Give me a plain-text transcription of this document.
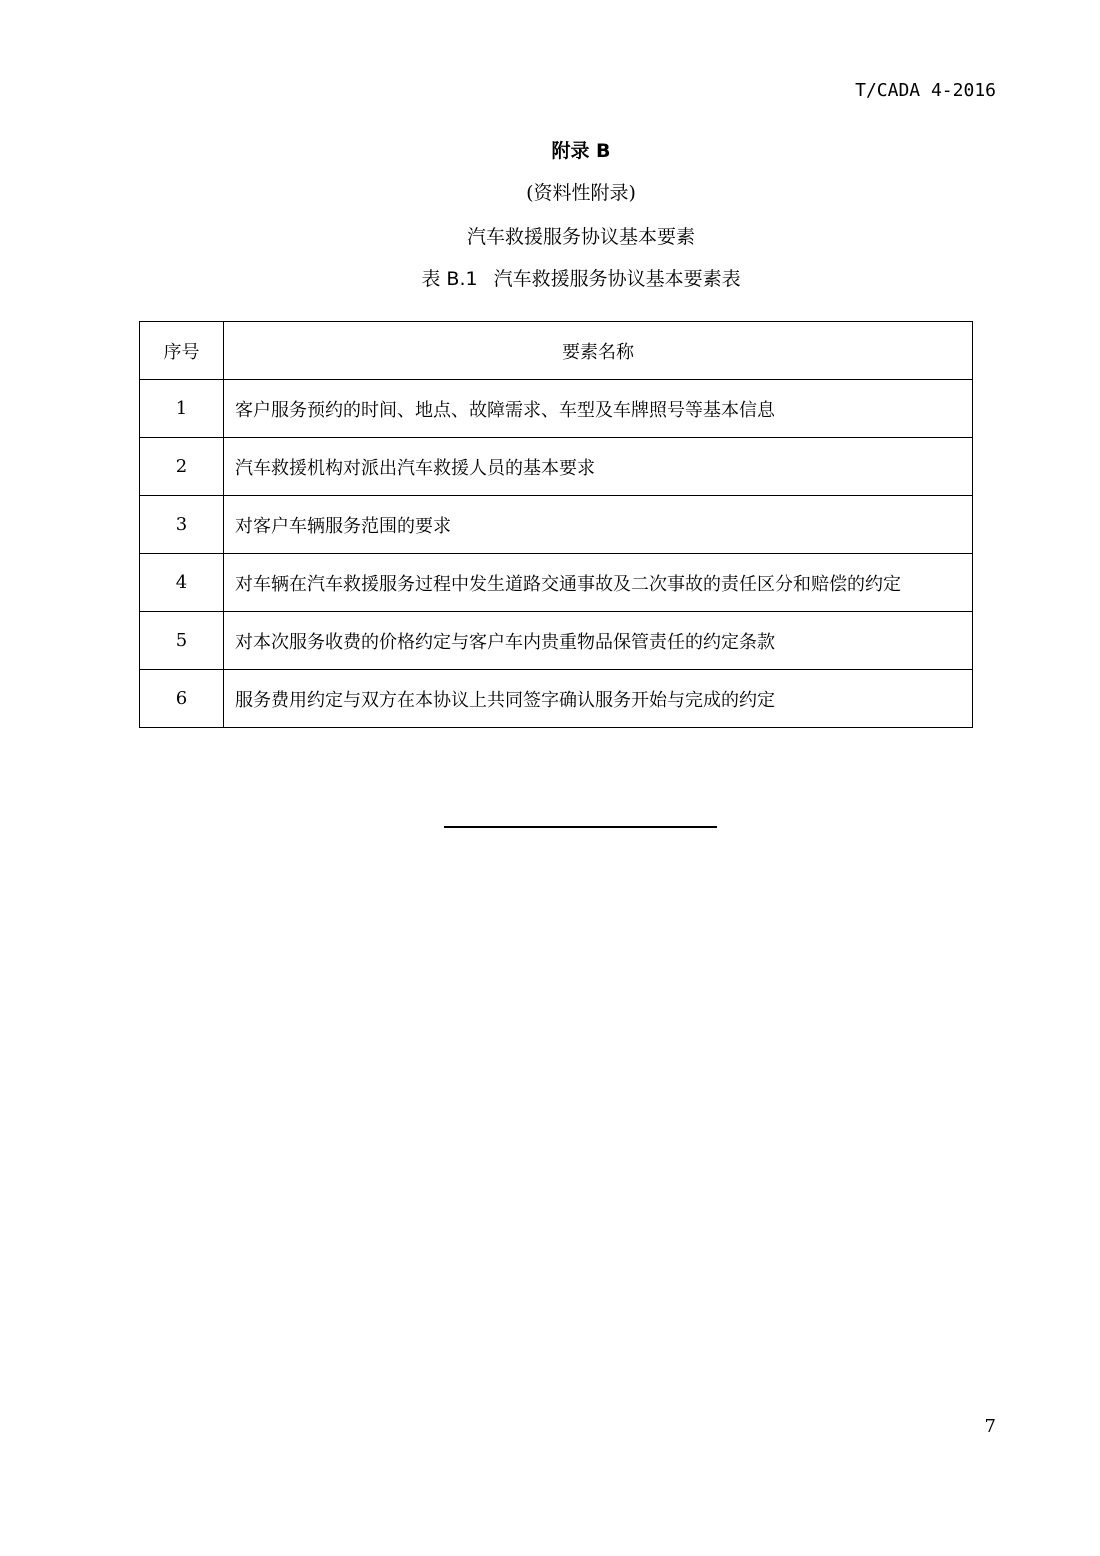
T/CADA 4-2016
附录 B
(资料性附录)
汽车救援服务协议基本要素
表 B.1 汽车救援服务协议基本要素表
序号	要素名称
1	客户服务预约的时间、地点、故障需求、车型及车牌照号等基本信息
2	汽车救援机构对派出汽车救援人员的基本要求
3	对客户车辆服务范围的要求
4	对车辆在汽车救援服务过程中发生道路交通事故及二次事故的责任区分和赔偿的约定
5	对本次服务收费的价格约定与客户车内贵重物品保管责任的约定条款
6	服务费用约定与双方在本协议上共同签字确认服务开始与完成的约定
7
